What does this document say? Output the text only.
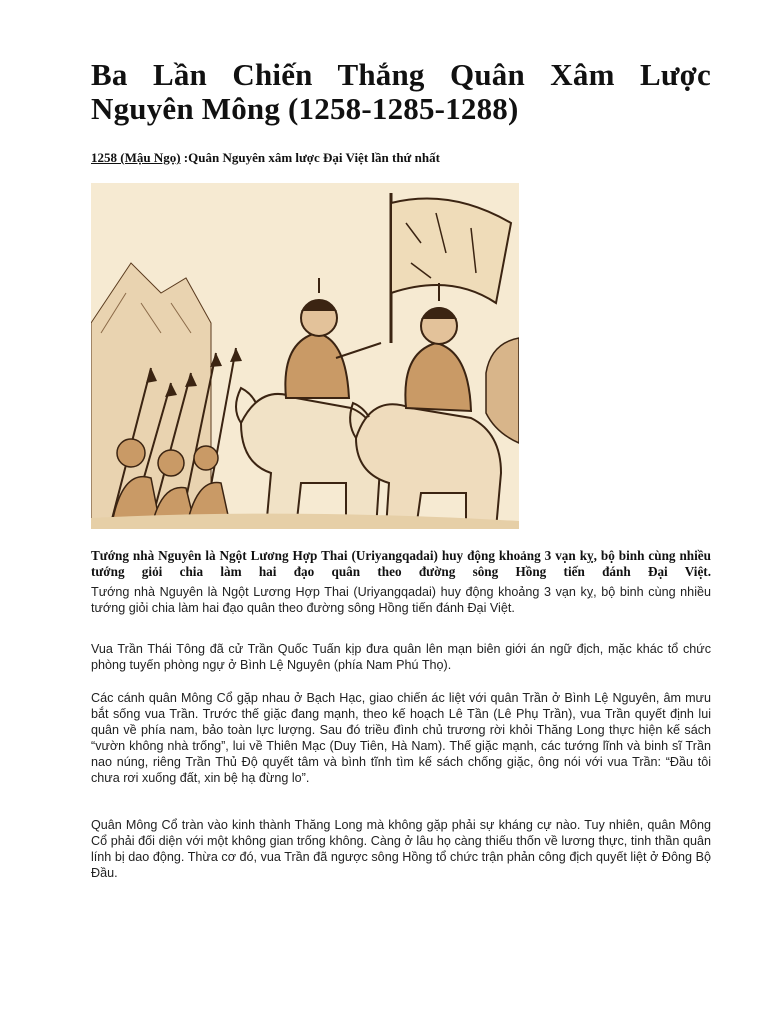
Ba Lần Chiến Thắng Quân Xâm Lược Nguyên Mông (1258-1285-1288)
1258 (Mậu Ngọ) :Quân Nguyên xâm lược Đại Việt lần thứ nhất

Tướng nhà Nguyên là Ngột Lương Hợp Thai (Uriyangqadai) huy động khoảng 3 vạn kỵ, bộ binh cùng nhiều tướng giỏi chia làm hai đạo quân theo đường sông Hồng tiến đánh Đại Việt.

Tướng nhà Nguyên là Ngột Lương Hợp Thai (Uriyangqadai) huy động khoảng 3 vạn kỵ, bộ binh cùng nhiều tướng giỏi chia làm hai đạo quân theo đường sông Hồng tiến đánh Đại Việt.

Vua Trần Thái Tông đã cử Trần Quốc Tuấn kịp đưa quân lên mạn biên giới án ngữ địch, mặc khác tổ chức phòng tuyến phòng ngự ở Bình Lệ Nguyên (phía Nam Phú Thọ).

Các cánh quân Mông Cổ gặp nhau ở Bạch Hạc, giao chiến ác liệt với quân Trần ở Bình Lệ Nguyên, âm mưu bắt sống vua Trần. Trước thế giặc đang mạnh, theo kế hoạch Lê Tần (Lê Phụ Trần), vua Trần quyết định lui quân về phía nam, bảo toàn lực lượng. Sau đó triều đình chủ trương rời khỏi Thăng Long thực hiện kế sách “vườn không nhà trống”, lui về Thiên Mạc (Duy Tiên, Hà Nam). Thế giặc mạnh, các tướng lĩnh và binh sĩ Trần nao núng, riêng Trần Thủ Độ quyết tâm và bình tĩnh tìm kế sách chống giặc, ông nói với vua Trần: “Đầu tôi chưa rơi xuống đất, xin bệ hạ đừng lo”.

Quân Mông Cổ tràn vào kinh thành Thăng Long mà không gặp phải sự kháng cự nào. Tuy nhiên, quân Mông Cổ phải đối diện với một không gian trống không. Càng ở lâu họ càng thiếu thốn về lương thực, tinh thần quân lính bị dao động. Thừa cơ đó, vua Trần đã ngược sông Hồng tổ chức trận phản công địch quyết liệt ở Đông Bộ Đầu.
